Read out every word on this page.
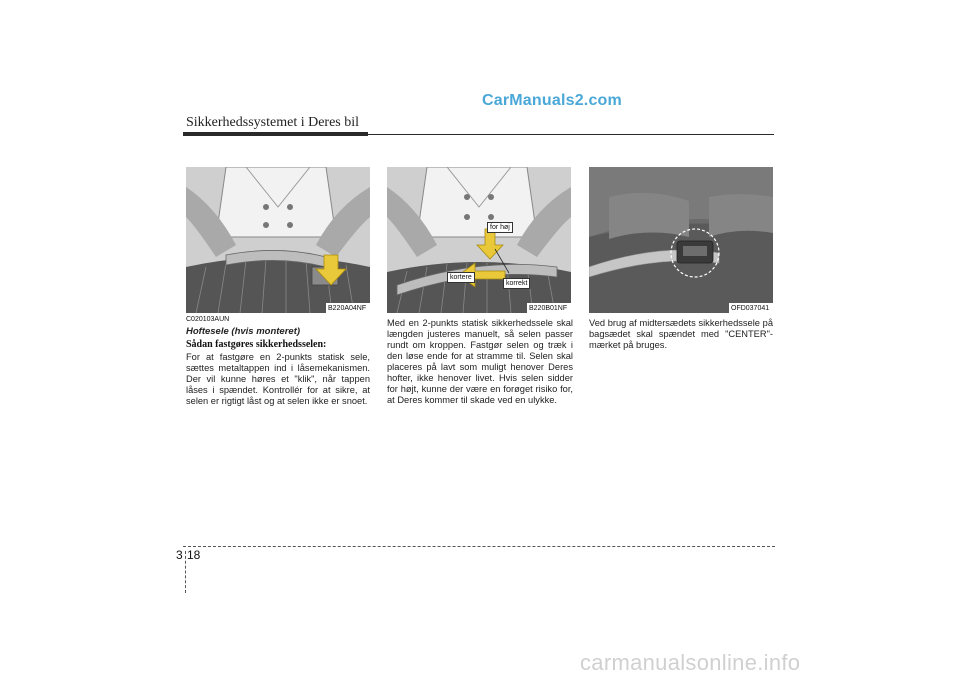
CarManuals2.com
Sikkerhedssystemet i Deres bil
B220A04NF
for høj
kortere
korrekt
B220B01NF	OFD037041
C020103AUN
Hoftesele (hvis monteret)
Sådan fastgøres sikkerhedsselen:
For at fastgøre en 2-punkts statisk sele, sættes metaltappen ind i låsemekanismen. Der vil kunne høres et "klik", når tappen låses i spændet. Kontrollér for at sikre, at selen er rigtigt låst og at selen ikke er snoet.
Med en 2-punkts statisk sikkerhedssele skal længden justeres manuelt, så selen passer rundt om kroppen. Fastgør selen og træk i den løse ende for at stramme til. Selen skal placeres på lavt som muligt henover Deres hofter, ikke henover livet. Hvis selen sidder for højt, kunne der være en forøget risiko for, at Deres kommer til skade ved en ulykke.
Ved brug af midtersædets sikkerhedssele på bagsædet skal spændet med "CENTER"-mærket på bruges.
3 18
carmanualsonline.info
